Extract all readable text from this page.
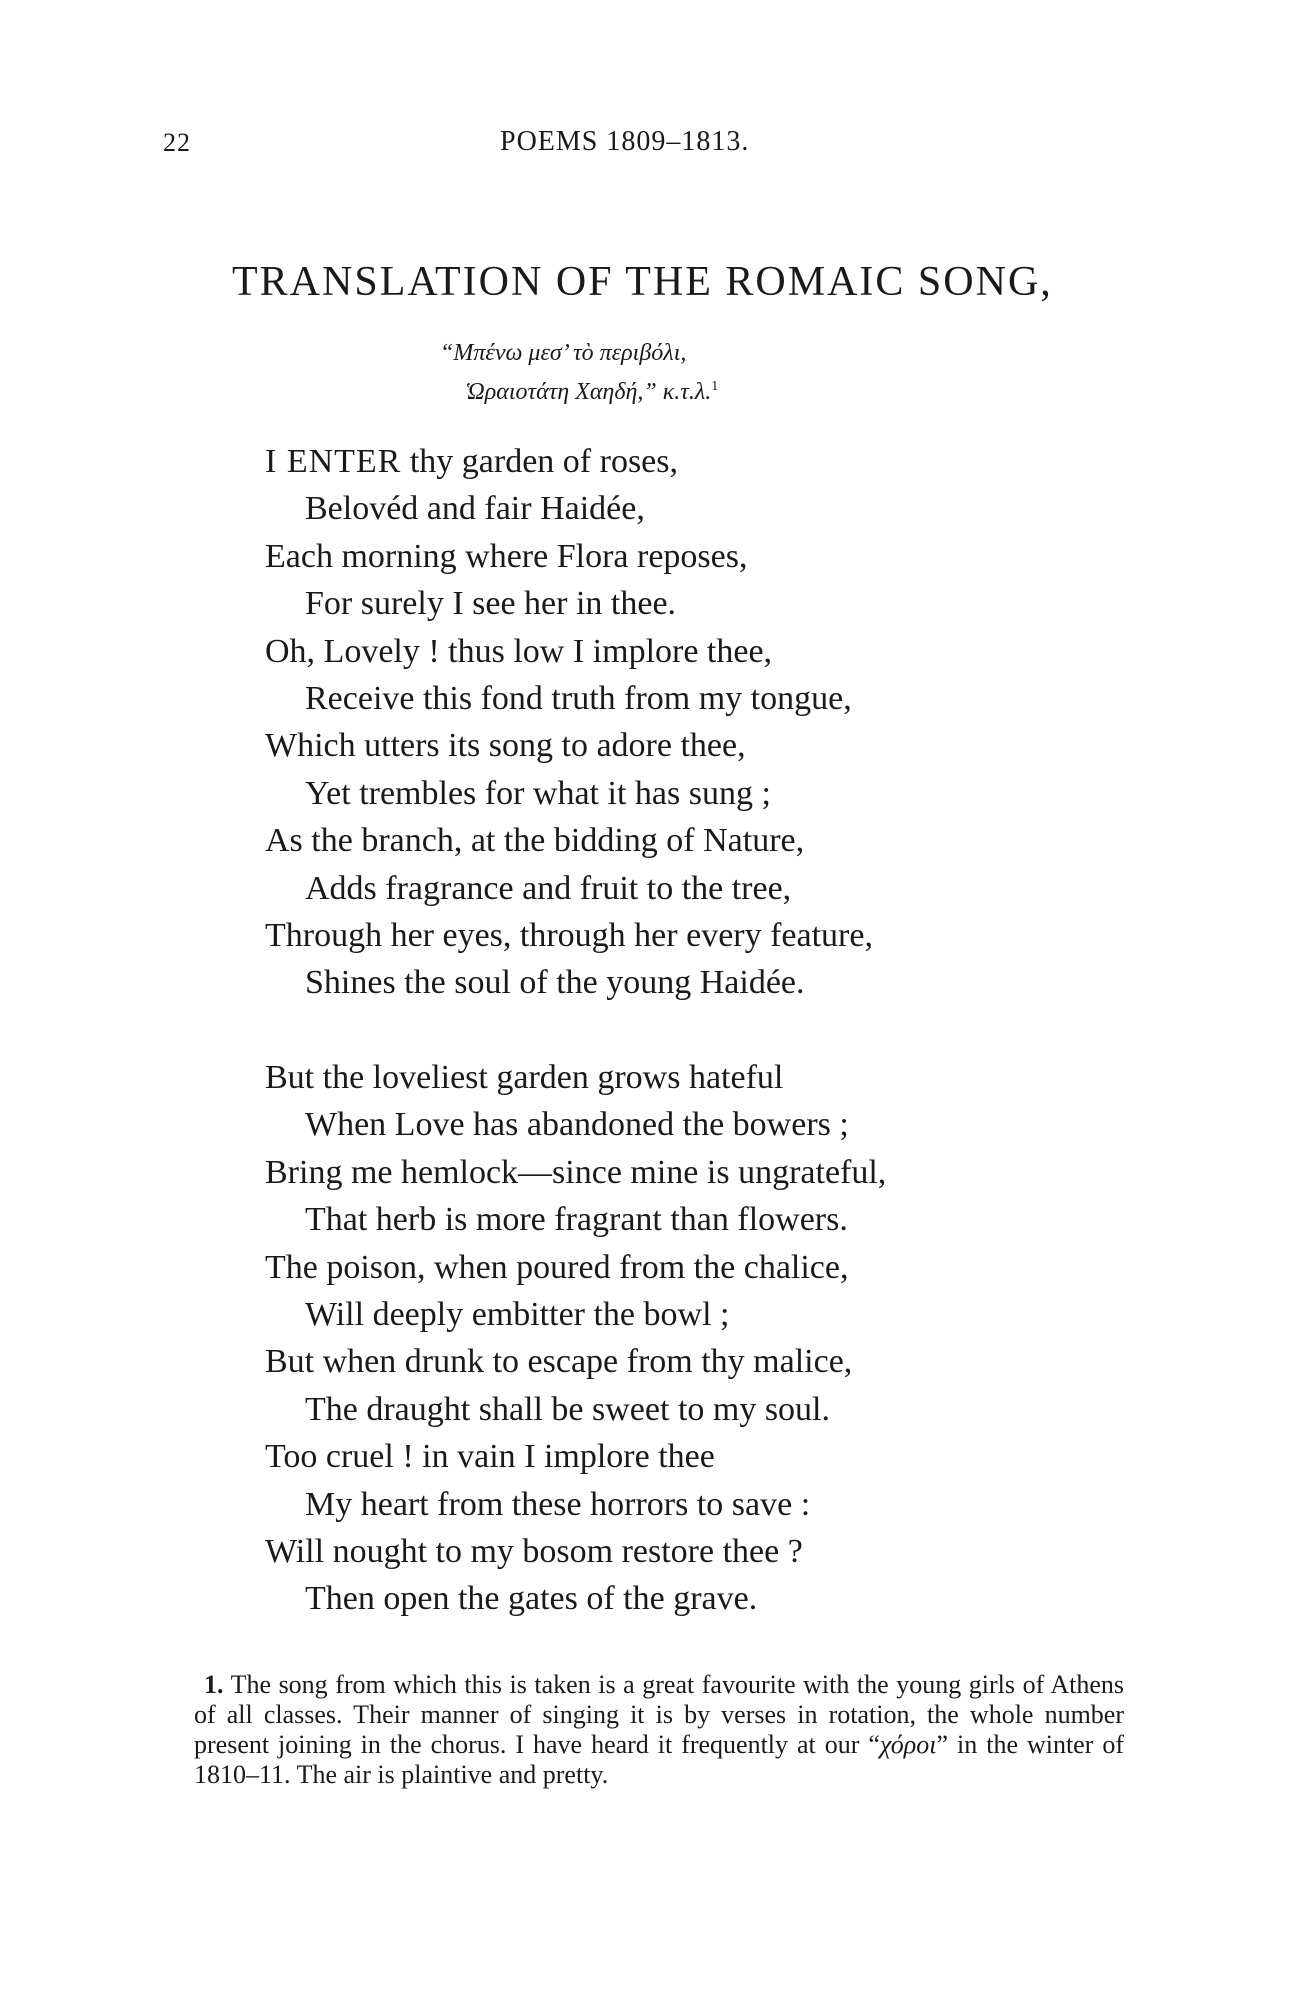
22	POEMS 1809–1813.
TRANSLATION OF THE ROMAIC SONG,
“Μπένω μεσ’ τὸ περιβόλι,
Ὡραιοτάτη Χαηδή,” κ.τ.λ.$^1$
I ENTER thy garden of roses,
Belovéd and fair Haidée,
Each morning where Flora reposes,
For surely I see her in thee.
Oh, Lovely ! thus low I implore thee,
Receive this fond truth from my tongue,
Which utters its song to adore thee,
Yet trembles for what it has sung ;
As the branch, at the bidding of Nature,
Adds fragrance and fruit to the tree,
Through her eyes, through her every feature,
Shines the soul of the young Haidée.
But the loveliest garden grows hateful
When Love has abandoned the bowers ;
Bring me hemlock—since mine is ungrateful,
That herb is more fragrant than flowers.
The poison, when poured from the chalice,
Will deeply embitter the bowl ;
But when drunk to escape from thy malice,
The draught shall be sweet to my soul.
Too cruel ! in vain I implore thee
My heart from these horrors to save :
Will nought to my bosom restore thee ?
Then open the gates of the grave.
1. The song from which this is taken is a great favourite with the young girls of Athens of all classes. Their manner of singing it is by verses in rotation, the whole number present joining in the chorus. I have heard it frequently at our “χόροι” in the winter of 1810–11. The air is plaintive and pretty.
